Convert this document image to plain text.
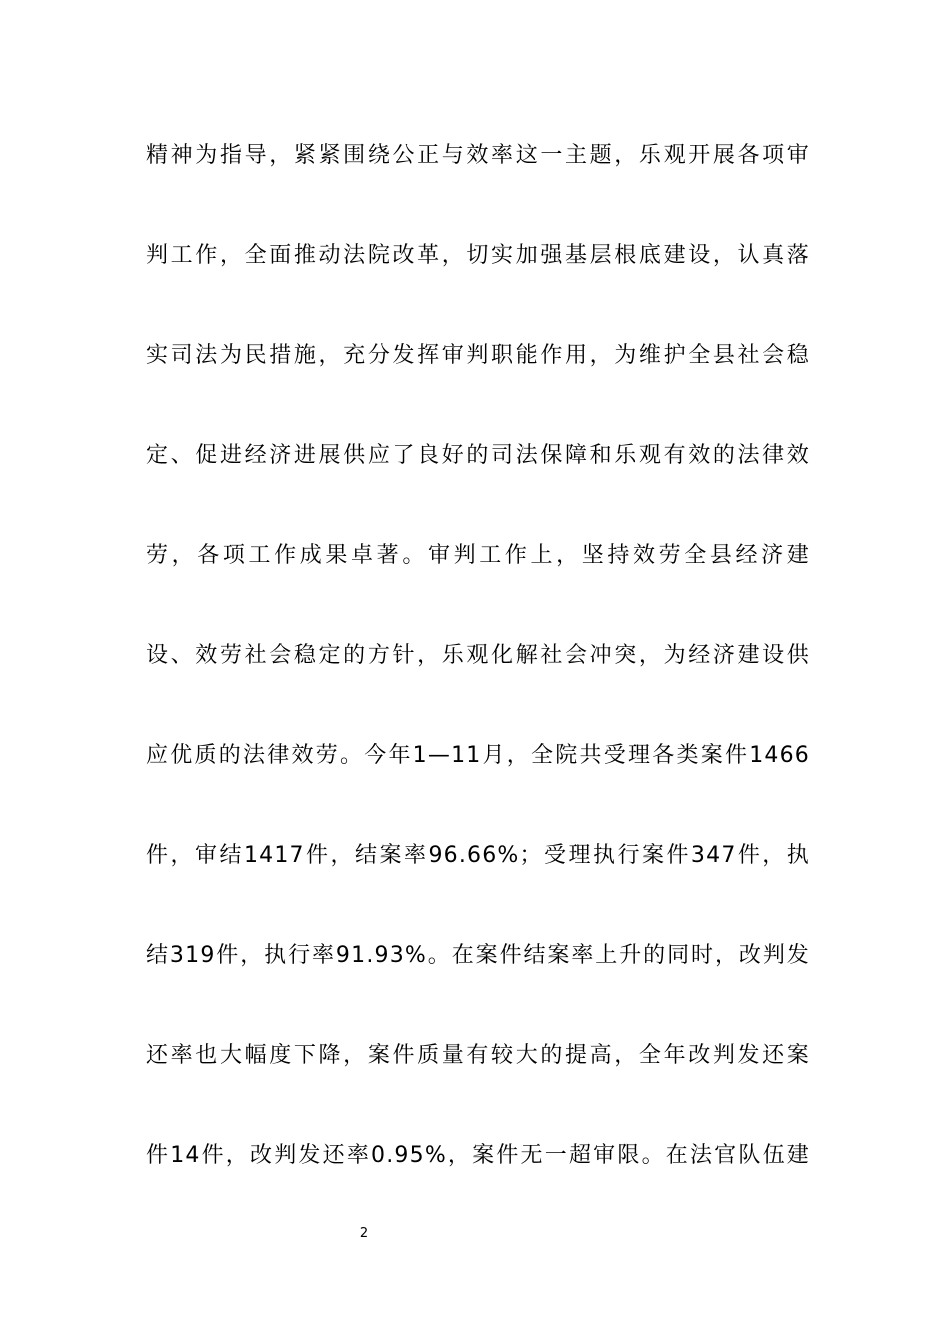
精神为指导，紧紧围绕公正与效率这一主题，乐观开展各项审
判工作，全面推动法院改革，切实加强基层根底建设，认真落
实司法为民措施，充分发挥审判职能作用，为维护全县社会稳
定、促进经济进展供应了良好的司法保障和乐观有效的法律效
劳，各项工作成果卓著。审判工作上，坚持效劳全县经济建
设、效劳社会稳定的方针，乐观化解社会冲突，为经济建设供
应优质的法律效劳。今年1—11月，全院共受理各类案件1466
件，审结1417件，结案率96.66%；受理执行案件347件，执
结319件，执行率91.93%。在案件结案率上升的同时，改判发
还率也大幅度下降，案件质量有较大的提高，全年改判发还案
件14件，改判发还率0.95%，案件无一超审限。在法官队伍建
2
